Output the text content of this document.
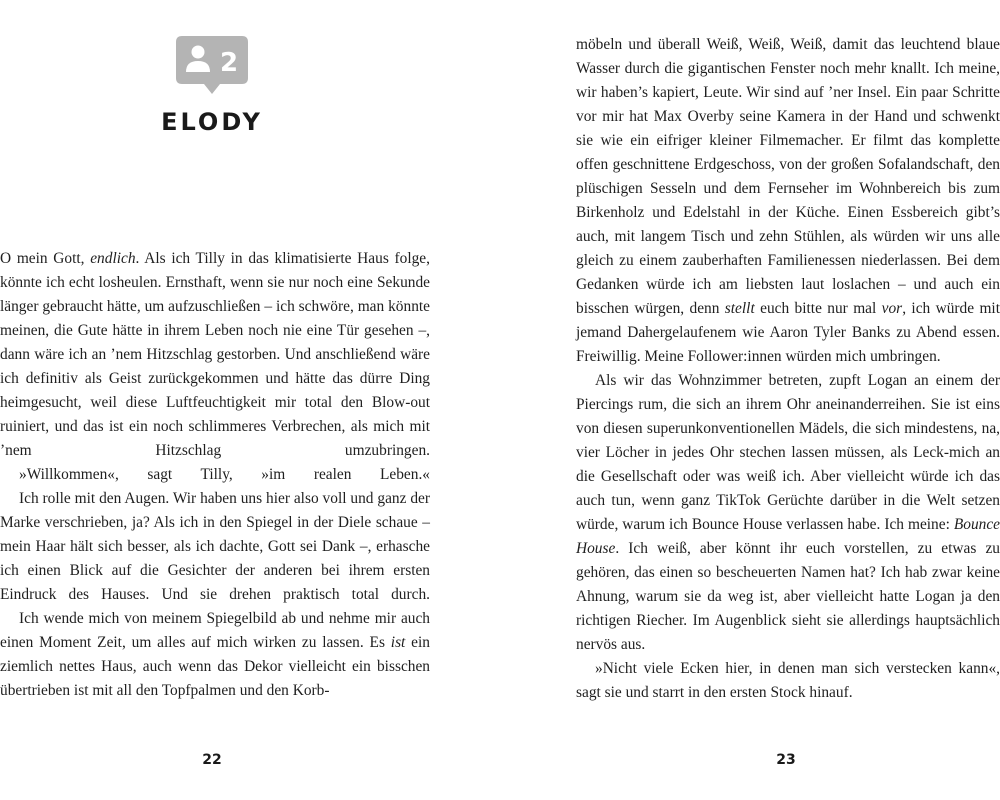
2
ELODY

O mein Gott, endlich. Als ich Tilly in das klimatisierte Haus folge, könnte ich echt losheulen. Ernsthaft, wenn sie nur noch eine Sekunde länger gebraucht hätte, um aufzuschließen – ich schwöre, man könnte meinen, die Gute hätte in ihrem Leben noch nie eine Tür gesehen –, dann wäre ich an ’nem Hitzschlag gestorben. Und anschließend wäre ich definitiv als Geist zurückgekommen und hätte das dürre Ding heimgesucht, weil diese Luftfeuchtigkeit mir total den Blow-out ruiniert, und das ist ein noch schlimmeres Verbrechen, als mich mit ’nem Hitzschlag umzubringen.

»Willkommen«, sagt Tilly, »im realen Leben.«

Ich rolle mit den Augen. Wir haben uns hier also voll und ganz der Marke verschrieben, ja? Als ich in den Spiegel in der Diele schaue – mein Haar hält sich besser, als ich dachte, Gott sei Dank –, erhasche ich einen Blick auf die Gesichter der anderen bei ihrem ersten Eindruck des Hauses. Und sie drehen praktisch total durch.

Ich wende mich von meinem Spiegelbild ab und nehme mir auch einen Moment Zeit, um alles auf mich wirken zu lassen. Es ist ein ziemlich nettes Haus, auch wenn das Dekor vielleicht ein bisschen übertrieben ist mit all den Topfpalmen und den Korb-

22

möbeln und überall Weiß, Weiß, Weiß, damit das leuchtend blaue Wasser durch die gigantischen Fenster noch mehr knallt. Ich meine, wir haben’s kapiert, Leute. Wir sind auf ’ner Insel. Ein paar Schritte vor mir hat Max Overby seine Kamera in der Hand und schwenkt sie wie ein eifriger kleiner Filmemacher. Er filmt das komplette offen geschnittene Erdgeschoss, von der großen Sofalandschaft, den plüschigen Sesseln und dem Fernseher im Wohnbereich bis zum Birkenholz und Edelstahl in der Küche. Einen Essbereich gibt’s auch, mit langem Tisch und zehn Stühlen, als würden wir uns alle gleich zu einem zauberhaften Familienessen niederlassen. Bei dem Gedanken würde ich am liebsten laut loslachen – und auch ein bisschen würgen, denn stellt euch bitte nur mal vor, ich würde mit jemand Dahergelaufenem wie Aaron Tyler Banks zu Abend essen. Freiwillig. Meine Follower:innen würden mich umbringen.

Als wir das Wohnzimmer betreten, zupft Logan an einem der Piercings rum, die sich an ihrem Ohr aneinanderreihen. Sie ist eins von diesen superunkonventionellen Mädels, die sich mindestens, na, vier Löcher in jedes Ohr stechen lassen müssen, als Leck-mich an die Gesellschaft oder was weiß ich. Aber vielleicht würde ich das auch tun, wenn ganz TikTok Gerüchte darüber in die Welt setzen würde, warum ich Bounce House verlassen habe. Ich meine: Bounce House. Ich weiß, aber könnt ihr euch vorstellen, zu etwas zu gehören, das einen so bescheuerten Namen hat? Ich hab zwar keine Ahnung, warum sie da weg ist, aber vielleicht hatte Logan ja den richtigen Riecher. Im Augenblick sieht sie allerdings hauptsächlich nervös aus.

»Nicht viele Ecken hier, in denen man sich verstecken kann«, sagt sie und starrt in den ersten Stock hinauf.

23
